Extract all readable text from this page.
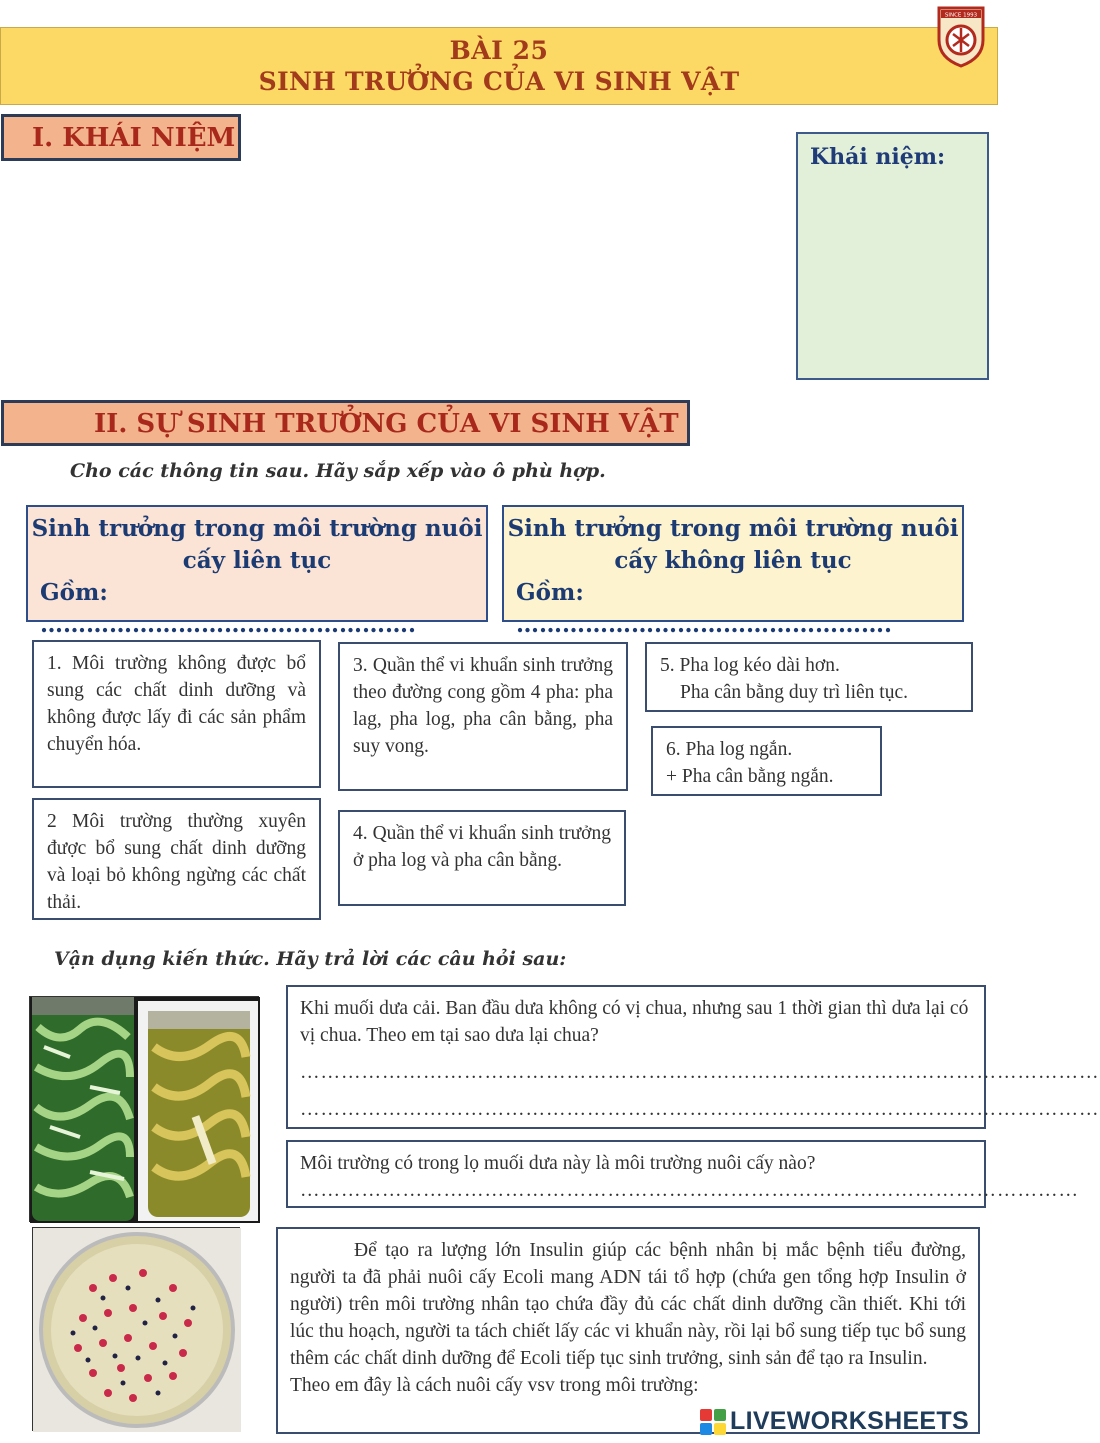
BÀI 25
SINH TRƯỞNG CỦA VI SINH VẬT
SINCE 1993
I. KHÁI NIỆM
Khái niệm:
II. SỰ SINH TRƯỞNG CỦA VI SINH VẬT
Cho các thông tin sau. Hãy sắp xếp vào ô phù hợp.
Sinh trưởng trong môi trường nuôi cấy liên tục
Gồm: ………………………………………….
Sinh trưởng trong môi trường nuôi cấy không liên tục
Gồm: ………………………………………….
1. Môi trường không được bổ sung các chất dinh dưỡng và không được lấy đi các sản phẩm chuyển hóa.
2 Môi trường thường xuyên được bổ sung chất dinh dưỡng và loại bỏ không ngừng các chất thải.
3. Quần thể vi khuẩn sinh trưởng theo đường cong gồm 4 pha: pha lag, pha log, pha cân bằng, pha suy vong.
4. Quần thể vi khuẩn sinh trưởng ở pha log và pha cân bằng.
5. Pha log kéo dài hơn.
Pha cân bằng duy trì liên tục.
6. Pha log ngắn.
+ Pha cân bằng ngắn.
Vận dụng kiến thức. Hãy trả lời các câu hỏi sau:
Khi muối dưa cải. Ban đầu dưa không có vị chua, nhưng sau 1 thời gian thì dưa lại có vị chua. Theo em tại sao dưa lại chua?
………………………………………………………………………………………………………
………………………………………………………………………………………………………
Môi trường có trong lọ muối dưa này là môi trường nuôi cấy nào?
……………………………………………………………………………………………………
Để tạo ra lượng lớn Insulin giúp các bệnh nhân bị mắc bệnh tiểu đường, người ta đã phải nuôi cấy Ecoli mang ADN tái tổ hợp (chứa gen tổng hợp Insulin ở người) trên môi trường nhân tạo chứa đầy đủ các chất dinh dưỡng cần thiết. Khi tới lúc thu hoạch, người ta tách chiết lấy các vi khuẩn này, rồi lại bổ sung tiếp tục bổ sung thêm các chất dinh dưỡng để Ecoli tiếp tục sinh trưởng, sinh sản để tạo ra Insulin.
Theo em đây là cách nuôi cấy vsv trong môi trường:
LIVEWORKSHEETS
